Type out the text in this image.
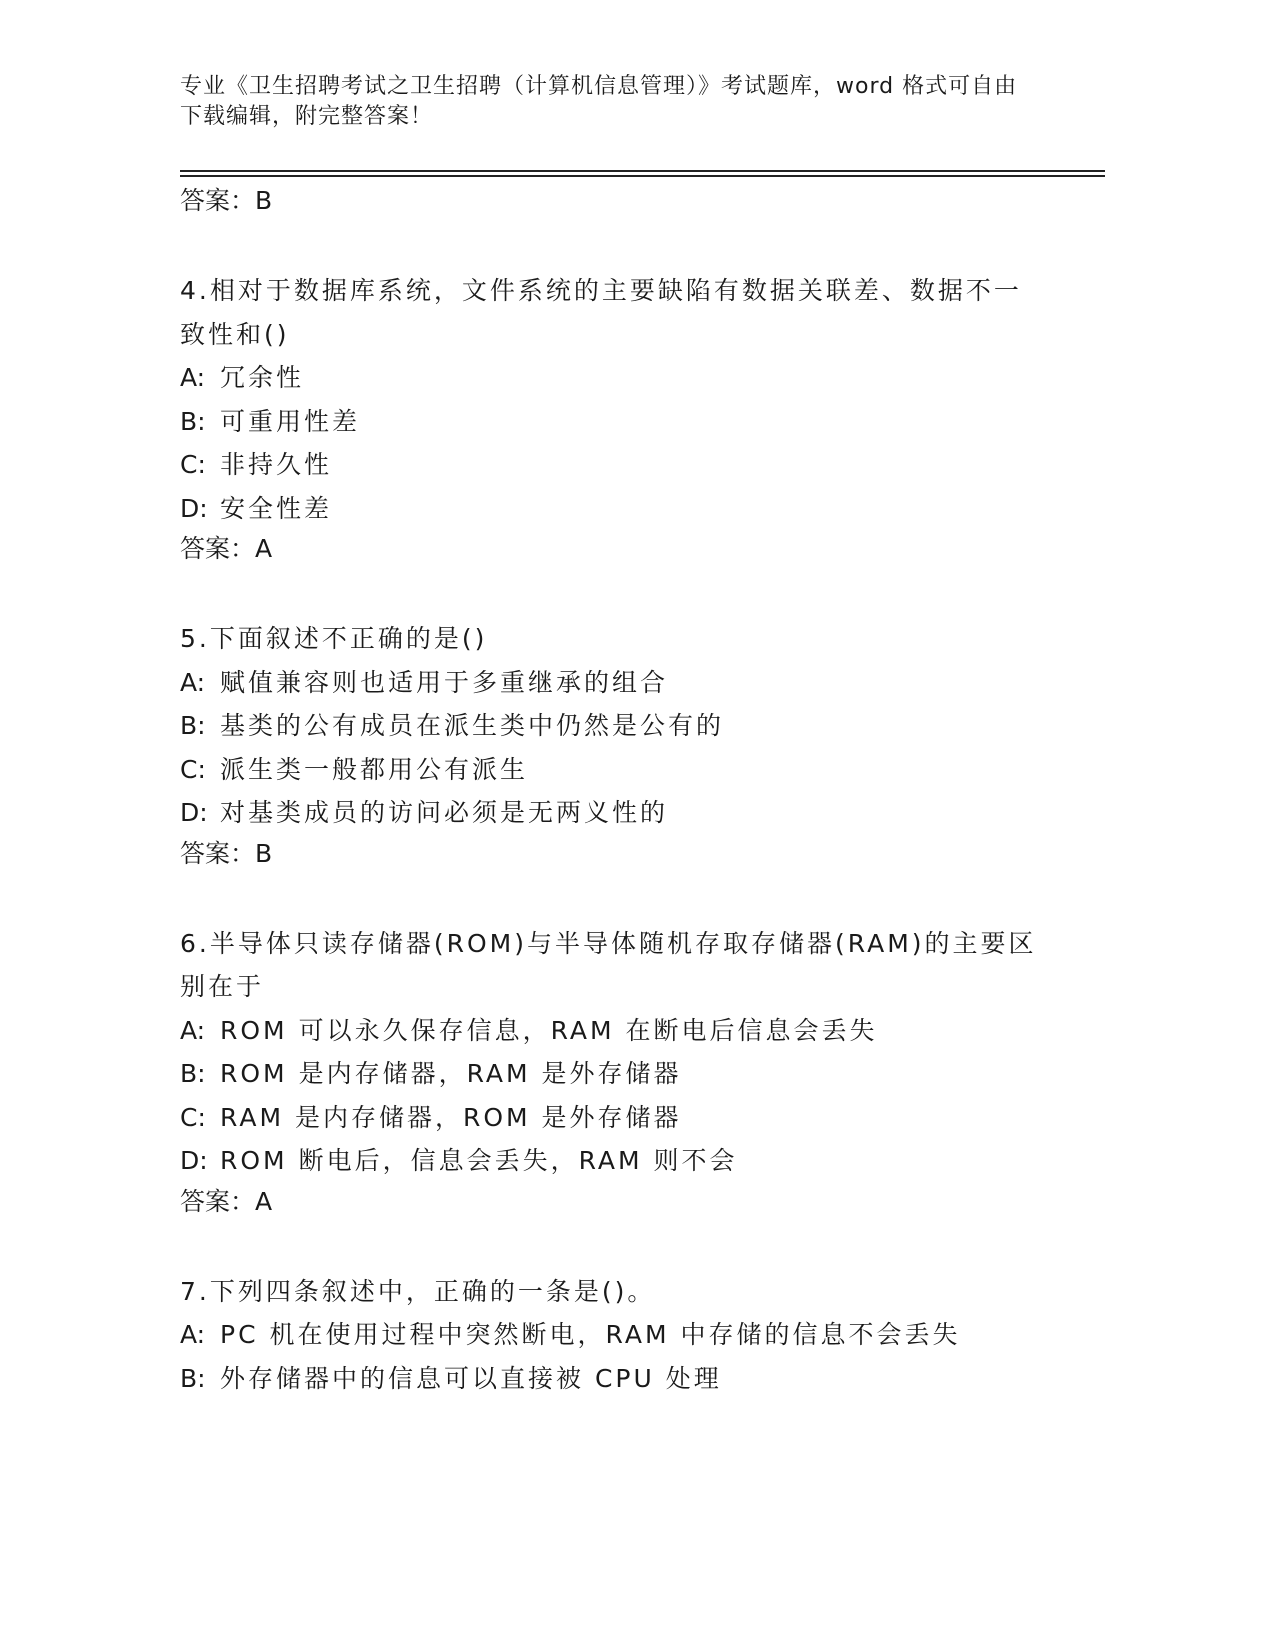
专业《卫生招聘考试之卫生招聘（计算机信息管理）》考试题库，word 格式可自由下载编辑，附完整答案！

答案：B

4.相对于数据库系统，文件系统的主要缺陷有数据关联差、数据不一致性和()

A: 冗余性

B: 可重用性差

C: 非持久性

D: 安全性差

答案：A

5.下面叙述不正确的是()

A: 赋值兼容则也适用于多重继承的组合

B: 基类的公有成员在派生类中仍然是公有的

C: 派生类一般都用公有派生

D: 对基类成员的访问必须是无两义性的

答案：B

6.半导体只读存储器(ROM)与半导体随机存取存储器(RAM)的主要区别在于

A: ROM 可以永久保存信息，RAM 在断电后信息会丢失

B: ROM 是内存储器，RAM 是外存储器

C: RAM 是内存储器，ROM 是外存储器

D: ROM 断电后，信息会丢失，RAM 则不会

答案：A

7.下列四条叙述中，正确的一条是()。

A: PC 机在使用过程中突然断电，RAM 中存储的信息不会丢失

B: 外存储器中的信息可以直接被 CPU 处理
